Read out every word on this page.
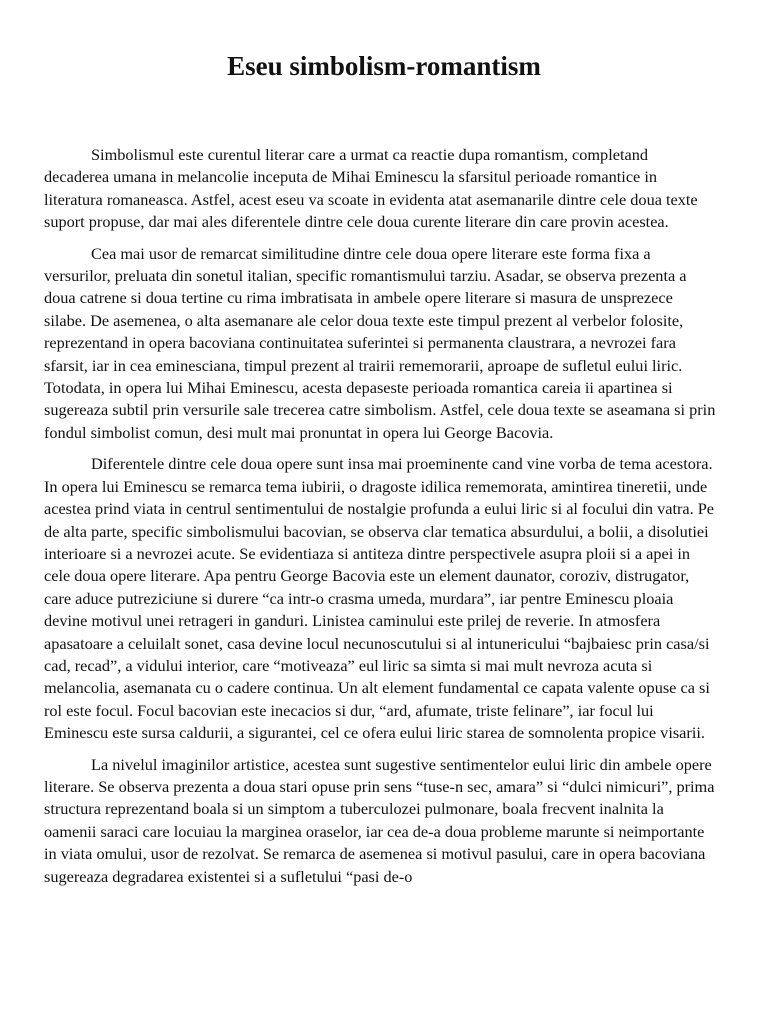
Eseu simbolism-romantism

Simbolismul este curentul literar care a urmat ca reactie dupa romantism, completand decaderea umana in melancolie inceputa de Mihai Eminescu la sfarsitul perioade romantice in literatura romaneasca. Astfel, acest eseu va scoate in evidenta atat asemanarile dintre cele doua texte suport propuse, dar mai ales diferentele dintre cele doua curente literare din care provin acestea.

Cea mai usor de remarcat similitudine dintre cele doua opere literare este forma fixa a versurilor, preluata din sonetul italian, specific romantismului tarziu. Asadar, se observa prezenta a doua catrene si doua tertine cu rima imbratisata in ambele opere literare si masura de unsprezece silabe. De asemenea, o alta asemanare ale celor doua texte este timpul prezent al verbelor folosite, reprezentand in opera bacoviana continuitatea suferintei si permanenta claustrara, a nevrozei fara sfarsit, iar in cea eminesciana, timpul prezent al trairii rememorarii, aproape de sufletul eului liric. Totodata, in opera lui Mihai Eminescu, acesta depaseste perioada romantica careia ii apartinea si sugereaza subtil prin versurile sale trecerea catre simbolism. Astfel, cele doua texte se aseamana si prin fondul simbolist comun, desi mult mai pronuntat in opera lui George Bacovia.

Diferentele dintre cele doua opere sunt insa mai proeminente cand vine vorba de tema acestora. In opera lui Eminescu se remarca tema iubirii, o dragoste idilica rememorata, amintirea tineretii, unde acestea prind viata in centrul sentimentului de nostalgie profunda a eului liric si al focului din vatra. Pe de alta parte, specific simbolismului bacovian, se observa clar tematica absurdului, a bolii, a disolutiei interioare si a nevrozei acute. Se evidentiaza si antiteza dintre perspectivele asupra ploii si a apei in cele doua opere literare. Apa pentru George Bacovia este un element daunator, coroziv, distrugator, care aduce putreziciune si durere “ca intr-o crasma umeda, murdara”, iar pentre Eminescu ploaia devine motivul unei retrageri in ganduri. Linistea caminului este prilej de reverie. In atmosfera apasatoare a celuilalt sonet, casa devine locul necunoscutului si al intunericului “bajbaiesc prin casa/si cad, recad”, a vidului interior, care “motiveaza” eul liric sa simta si mai mult nevroza acuta si melancolia, asemanata cu o cadere continua. Un alt element fundamental ce capata valente opuse ca si rol este focul. Focul bacovian este inecacios si dur, “ard, afumate, triste felinare”, iar focul lui Eminescu este sursa caldurii, a sigurantei, cel ce ofera eului liric starea de somnolenta propice visarii.

La nivelul imaginilor artistice, acestea sunt sugestive sentimentelor eului liric din ambele opere literare. Se observa prezenta a doua stari opuse prin sens “tuse-n sec, amara” si “dulci nimicuri”, prima structura reprezentand boala si un simptom a tuberculozei pulmonare, boala frecvent inalnita la oamenii saraci care locuiau la marginea oraselor, iar cea de-a doua probleme marunte si neimportante in viata omului, usor de rezolvat. Se remarca de asemenea si motivul pasului, care in opera bacoviana sugereaza degradarea existentei si a sufletului “pasi de-o
